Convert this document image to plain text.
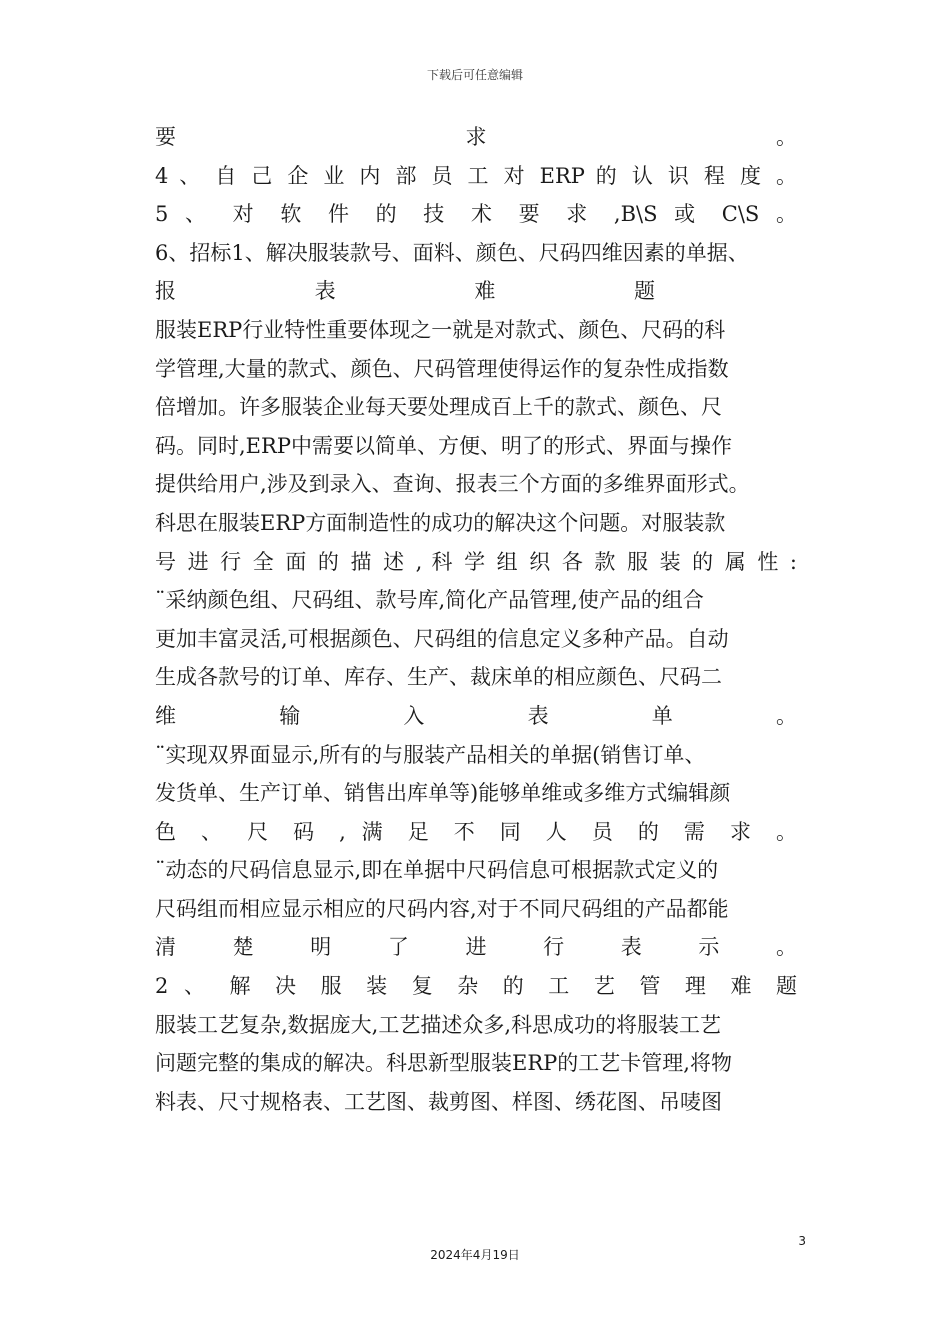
下载后可任意编辑
要 求 。
4 、 自 己 企 业 内 部 员 工 对 ERP 的 认 识 程 度 。
5 、 对 软 件 的 技 术 要 求 ,B\S 或 C\S 。
6、招标1、解决服装款号、面料、颜色、尺码四维因素的单据、
报 表 难 题
服装ERP行业特性重要体现之一就是对款式、颜色、尺码的科
学管理,大量的款式、颜色、尺码管理使得运作的复杂性成指数
倍增加。许多服装企业每天要处理成百上千的款式、颜色、尺
码。同时,ERP中需要以简单、方便、明了的形式、界面与操作
提供给用户,涉及到录入、查询、报表三个方面的多维界面形式。
科思在服装ERP方面制造性的成功的解决这个问题。对服装款
号 进 行 全 面 的 描 述 , 科 学 组 织 各 款 服 装 的 属 性 :
¨采纳颜色组、尺码组、款号库,简化产品管理,使产品的组合
更加丰富灵活,可根据颜色、尺码组的信息定义多种产品。自动
生成各款号的订单、库存、生产、裁床单的相应颜色、尺码二
维 输 入 表 单 。
¨实现双界面显示,所有的与服装产品相关的单据(销售订单、
发货单、生产订单、销售出库单等)能够单维或多维方式编辑颜
色 、 尺 码 , 满 足 不 同 人 员 的 需 求 。
¨动态的尺码信息显示,即在单据中尺码信息可根据款式定义的
尺码组而相应显示相应的尺码内容,对于不同尺码组的产品都能
清 楚 明 了 进 行 表 示 。
2 、 解 决 服 装 复 杂 的 工 艺 管 理 难 题
服装工艺复杂,数据庞大,工艺描述众多,科思成功的将服装工艺
问题完整的集成的解决。科思新型服装ERP的工艺卡管理,将物
料表、尺寸规格表、工艺图、裁剪图、样图、绣花图、吊唛图
3
2024年4月19日
